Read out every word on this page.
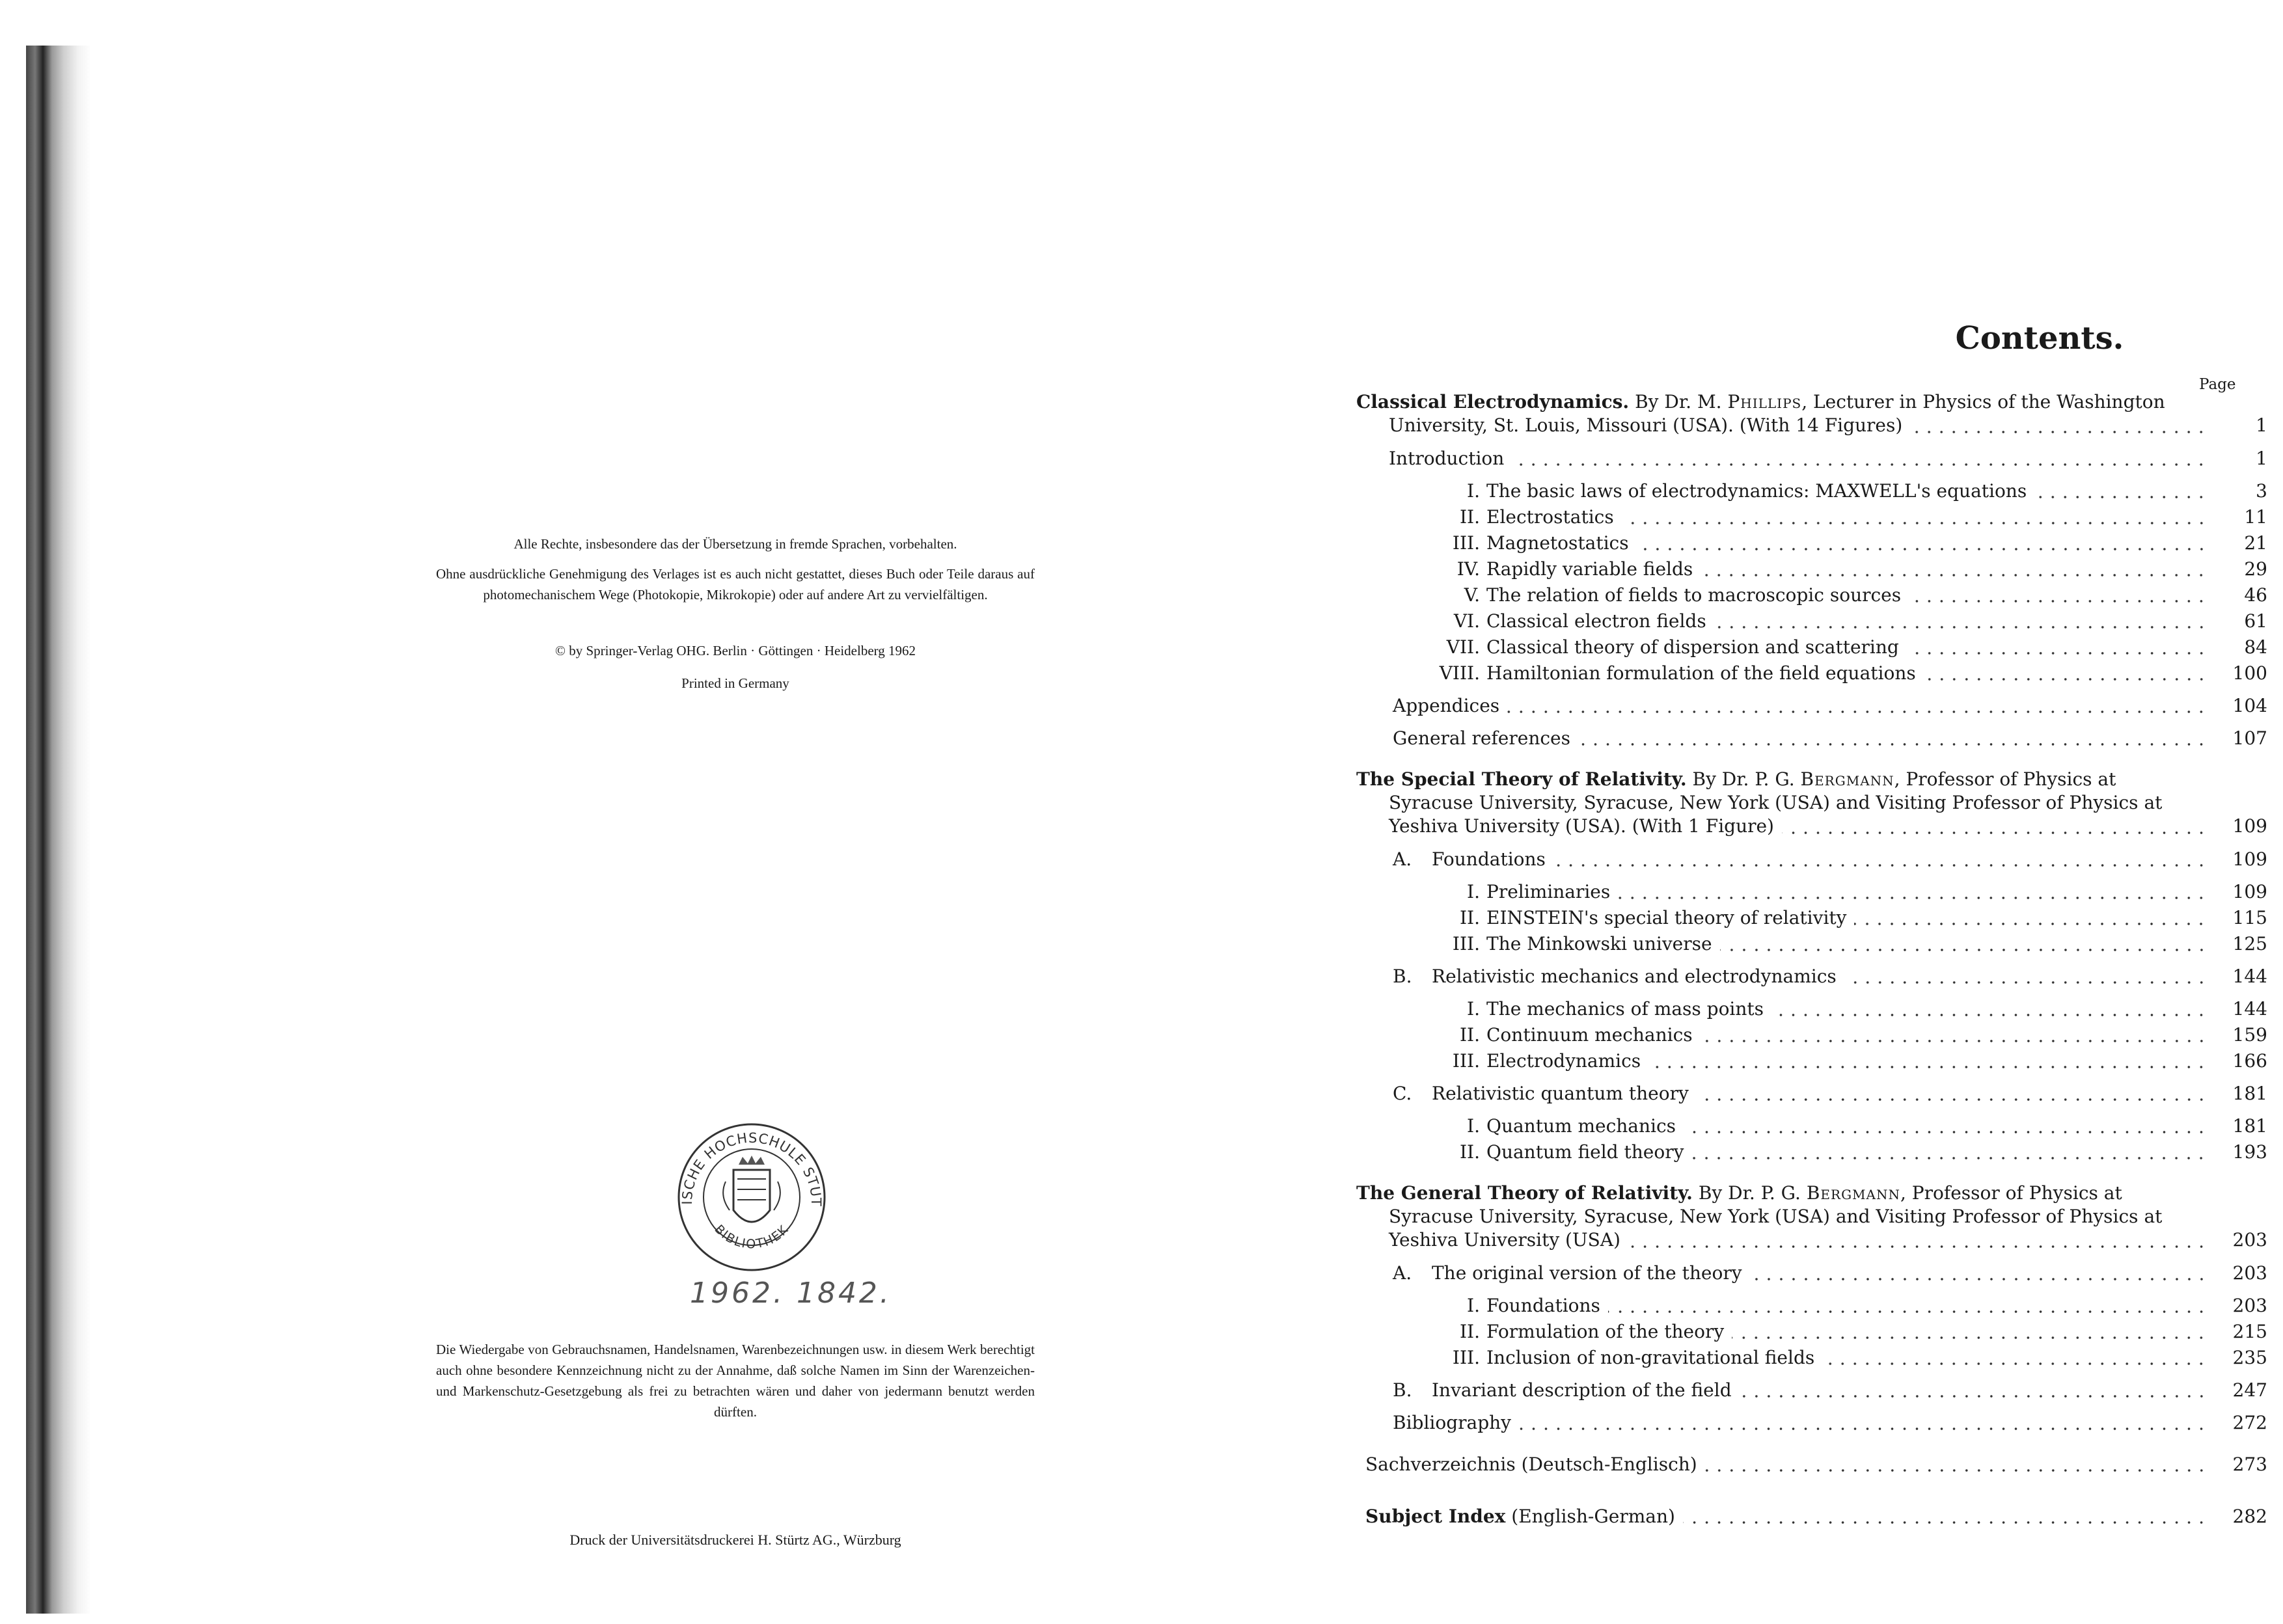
Alle Rechte, insbesondere das der Übersetzung in fremde Sprachen, vorbehalten.

Ohne ausdrückliche Genehmigung des Verlages ist es auch nicht gestattet, dieses Buch oder Teile daraus auf photomechanischem Wege (Photokopie, Mikrokopie) oder auf andere Art zu vervielfältigen.

© by Springer-Verlag OHG. Berlin · Göttingen · Heidelberg 1962

Printed in Germany

ISCHE HOCHSCHULE STUT
BIBLIOTHEK
1962. 1842.

Die Wiedergabe von Gebrauchsnamen, Handelsnamen, Warenbezeichnungen usw. in diesem Werk berechtigt auch ohne besondere Kennzeichnung nicht zu der Annahme, daß solche Namen im Sinn der Warenzeichen- und Markenschutz-Gesetzgebung als frei zu betrachten wären und daher von jedermann benutzt werden dürften.

Druck der Universitätsdruckerei H. Stürtz AG., Würzburg
Contents.
Page
Classical Electrodynamics. By Dr. M. Phillips, Lecturer in Physics of the Washington
University, St. Louis, Missouri (USA). (With 14 Figures)	1
Introduction	1
I. The basic laws of electrodynamics: MAXWELL's equations	3
II. Electrostatics	11
III. Magnetostatics	21
IV. Rapidly variable fields	29
V. The relation of fields to macroscopic sources	46
VI. Classical electron fields	61
VII. Classical theory of dispersion and scattering	84
VIII. Hamiltonian formulation of the field equations	100
Appendices	104
General references	107
The Special Theory of Relativity. By Dr. P. G. Bergmann, Professor of Physics at
Syracuse University, Syracuse, New York (USA) and Visiting Professor of Physics at
Yeshiva University (USA). (With 1 Figure)	109
A.	Foundations	109
I. Preliminaries	109
II. EINSTEIN's special theory of relativity	115
III. The Minkowski universe	125
B.	Relativistic mechanics and electrodynamics	144
I. The mechanics of mass points	144
II. Continuum mechanics	159
III. Electrodynamics	166
C.	Relativistic quantum theory	181
I. Quantum mechanics	181
II. Quantum field theory	193
The General Theory of Relativity. By Dr. P. G. Bergmann, Professor of Physics at
Syracuse University, Syracuse, New York (USA) and Visiting Professor of Physics at
Yeshiva University (USA)	203
A.	The original version of the theory	203
I. Foundations	203
II. Formulation of the theory	215
III. Inclusion of non-gravitational fields	235
B.	Invariant description of the field	247
Bibliography	272
Sachverzeichnis (Deutsch-Englisch)	273
Subject Index (English-German)	282
